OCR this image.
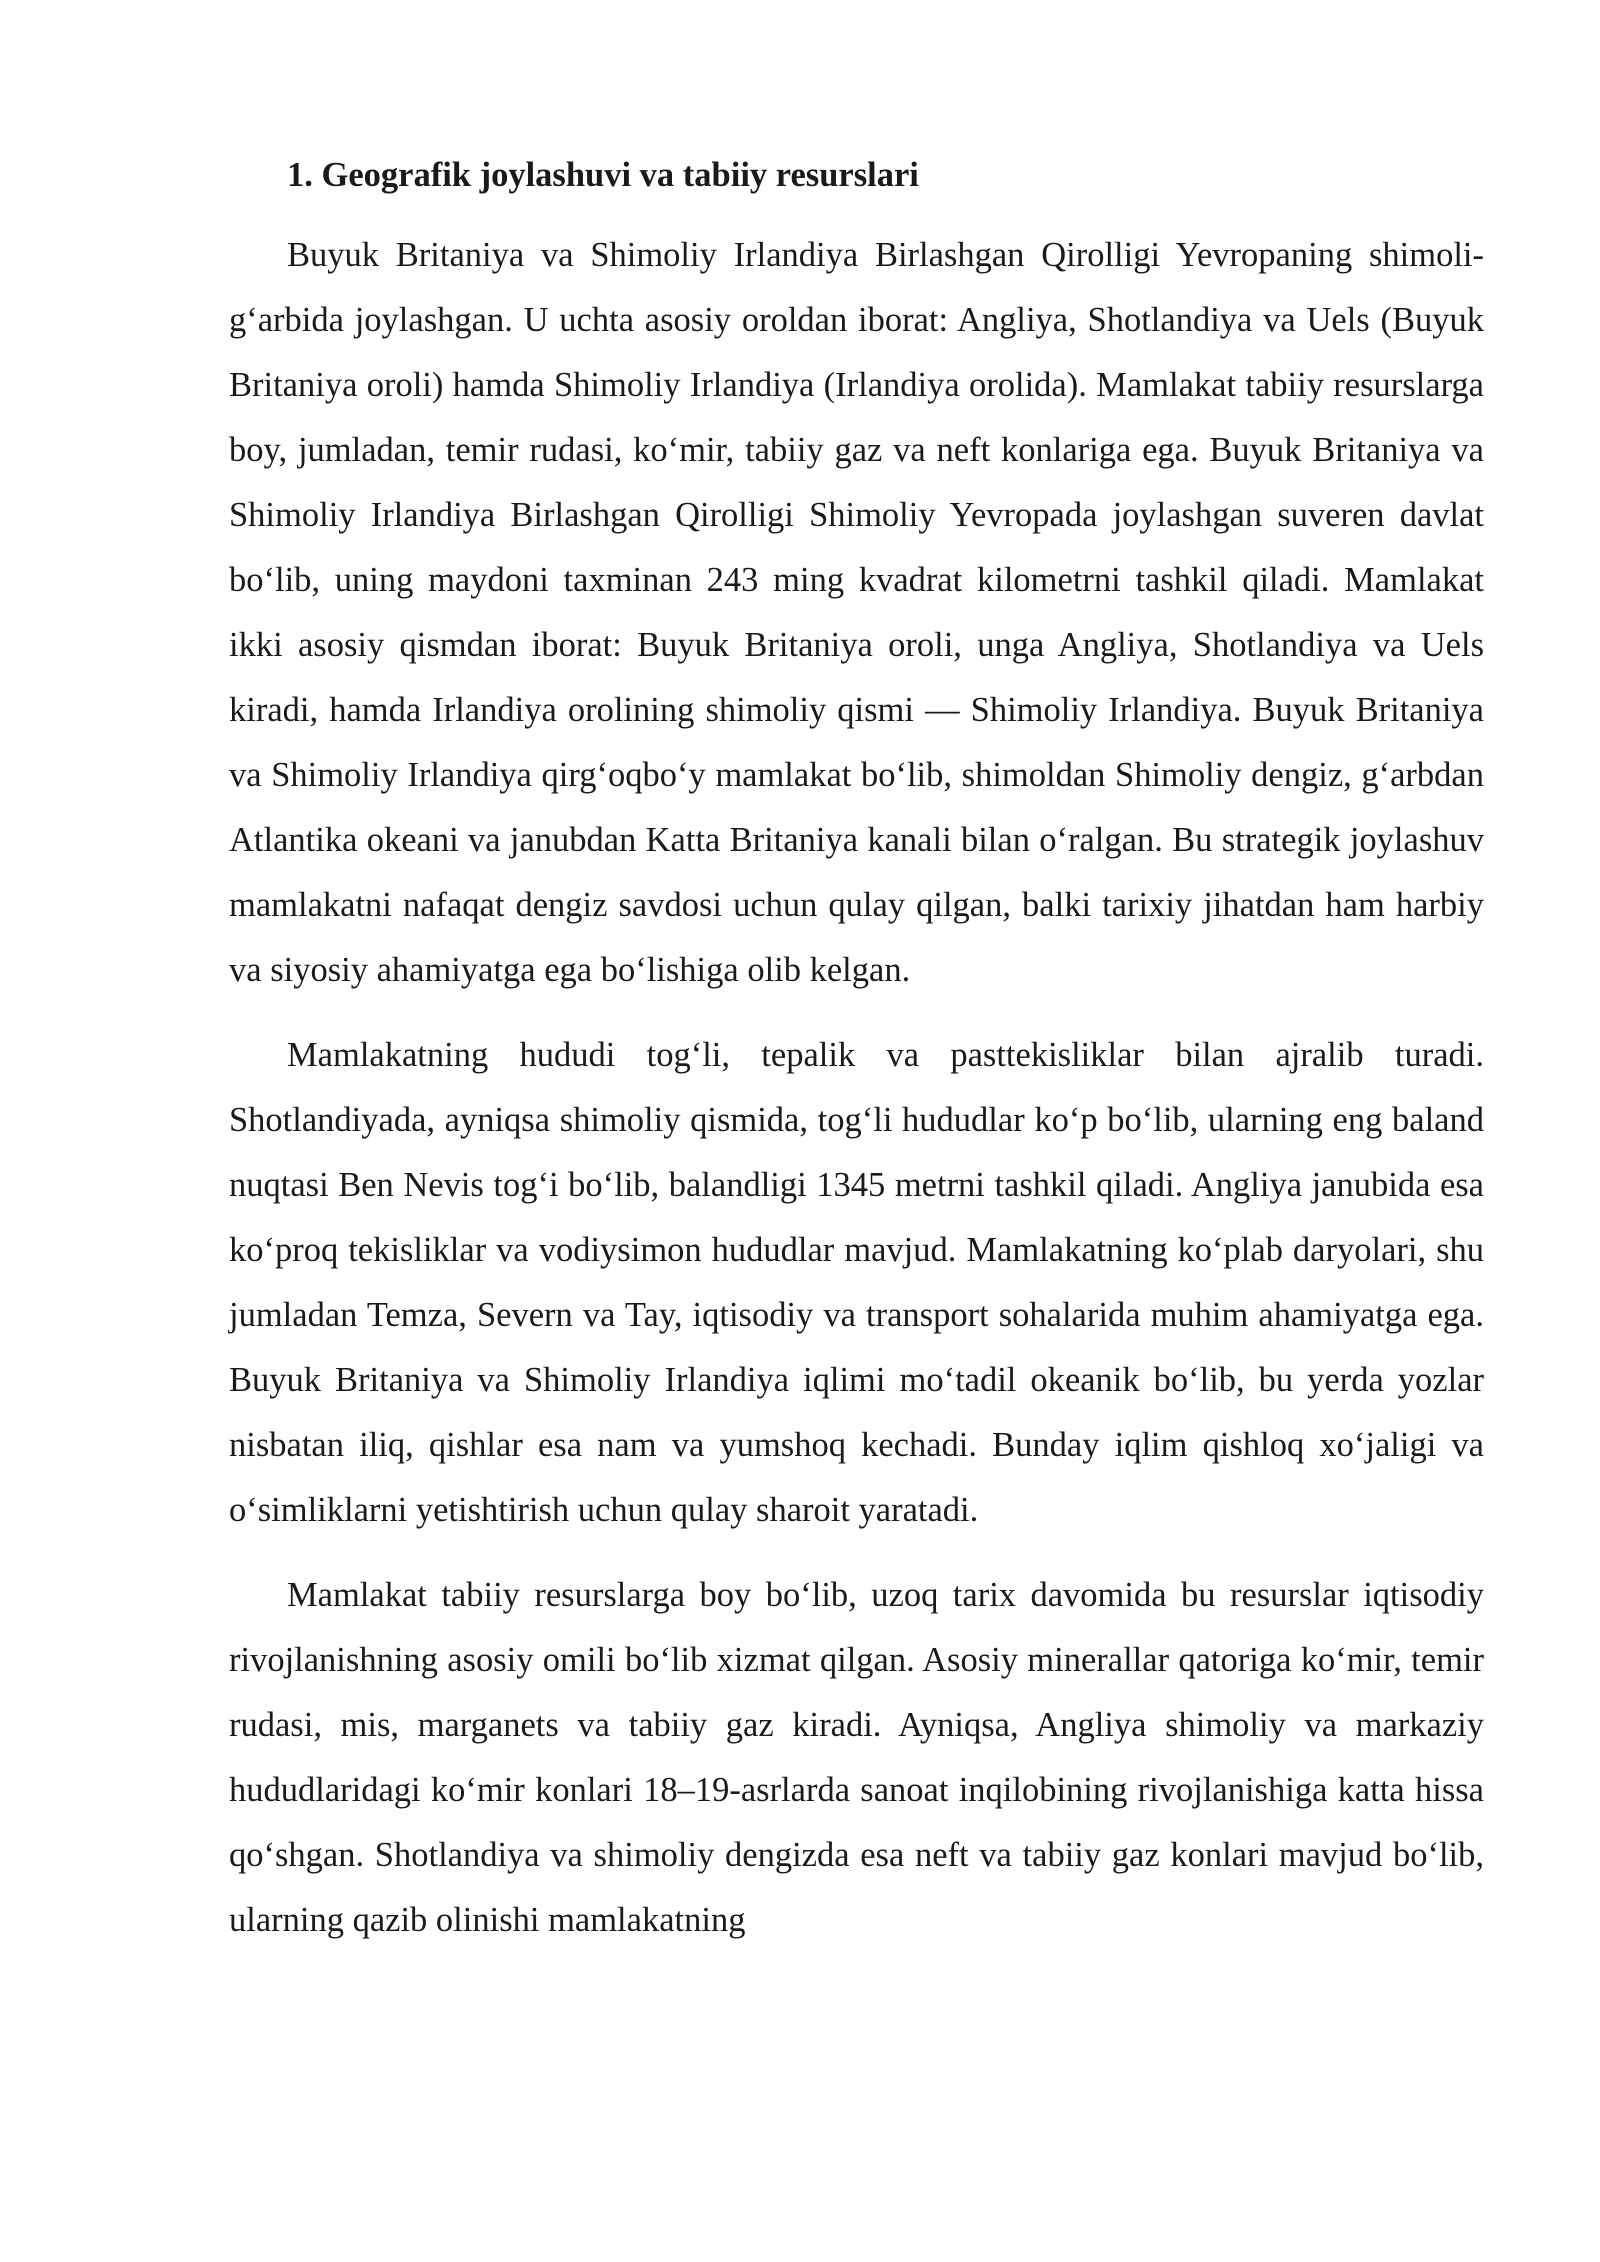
1. Geografik joylashuvi va tabiiy resurslari

Buyuk Britaniya va Shimoliy Irlandiya Birlashgan Qirolligi Yevropaning shimoli-g‘arbida joylashgan. U uchta asosiy oroldan iborat: Angliya, Shotlandiya va Uels (Buyuk Britaniya oroli) hamda Shimoliy Irlandiya (Irlandiya orolida). Mamlakat tabiiy resurslarga boy, jumladan, temir rudasi, ko‘mir, tabiiy gaz va neft konlariga ega. Buyuk Britaniya va Shimoliy Irlandiya Birlashgan Qirolligi Shimoliy Yevropada joylashgan suveren davlat bo‘lib, uning maydoni taxminan 243 ming kvadrat kilometrni tashkil qiladi. Mamlakat ikki asosiy qismdan iborat: Buyuk Britaniya oroli, unga Angliya, Shotlandiya va Uels kiradi, hamda Irlandiya orolining shimoliy qismi — Shimoliy Irlandiya. Buyuk Britaniya va Shimoliy Irlandiya qirg‘oqbo‘y mamlakat bo‘lib, shimoldan Shimoliy dengiz, g‘arbdan Atlantika okeani va janubdan Katta Britaniya kanali bilan o‘ralgan. Bu strategik joylashuv mamlakatni nafaqat dengiz savdosi uchun qulay qilgan, balki tarixiy jihatdan ham harbiy va siyosiy ahamiyatga ega bo‘lishiga olib kelgan.

Mamlakatning hududi tog‘li, tepalik va pasttekisliklar bilan ajralib turadi. Shotlandiyada, ayniqsa shimoliy qismida, tog‘li hududlar ko‘p bo‘lib, ularning eng baland nuqtasi Ben Nevis tog‘i bo‘lib, balandligi 1345 metrni tashkil qiladi. Angliya janubida esa ko‘proq tekisliklar va vodiysimon hududlar mavjud. Mamlakatning ko‘plab daryolari, shu jumladan Temza, Severn va Tay, iqtisodiy va transport sohalarida muhim ahamiyatga ega. Buyuk Britaniya va Shimoliy Irlandiya iqlimi mo‘tadil okeanik bo‘lib, bu yerda yozlar nisbatan iliq, qishlar esa nam va yumshoq kechadi. Bunday iqlim qishloq xo‘jaligi va o‘simliklarni yetishtirish uchun qulay sharoit yaratadi.

Mamlakat tabiiy resurslarga boy bo‘lib, uzoq tarix davomida bu resurslar iqtisodiy rivojlanishning asosiy omili bo‘lib xizmat qilgan. Asosiy minerallar qatoriga ko‘mir, temir rudasi, mis, marganets va tabiiy gaz kiradi. Ayniqsa, Angliya shimoliy va markaziy hududlaridagi ko‘mir konlari 18–19-asrlarda sanoat inqilobining rivojlanishiga katta hissa qo‘shgan. Shotlandiya va shimoliy dengizda esa neft va tabiiy gaz konlari mavjud bo‘lib, ularning qazib olinishi mamlakatning
